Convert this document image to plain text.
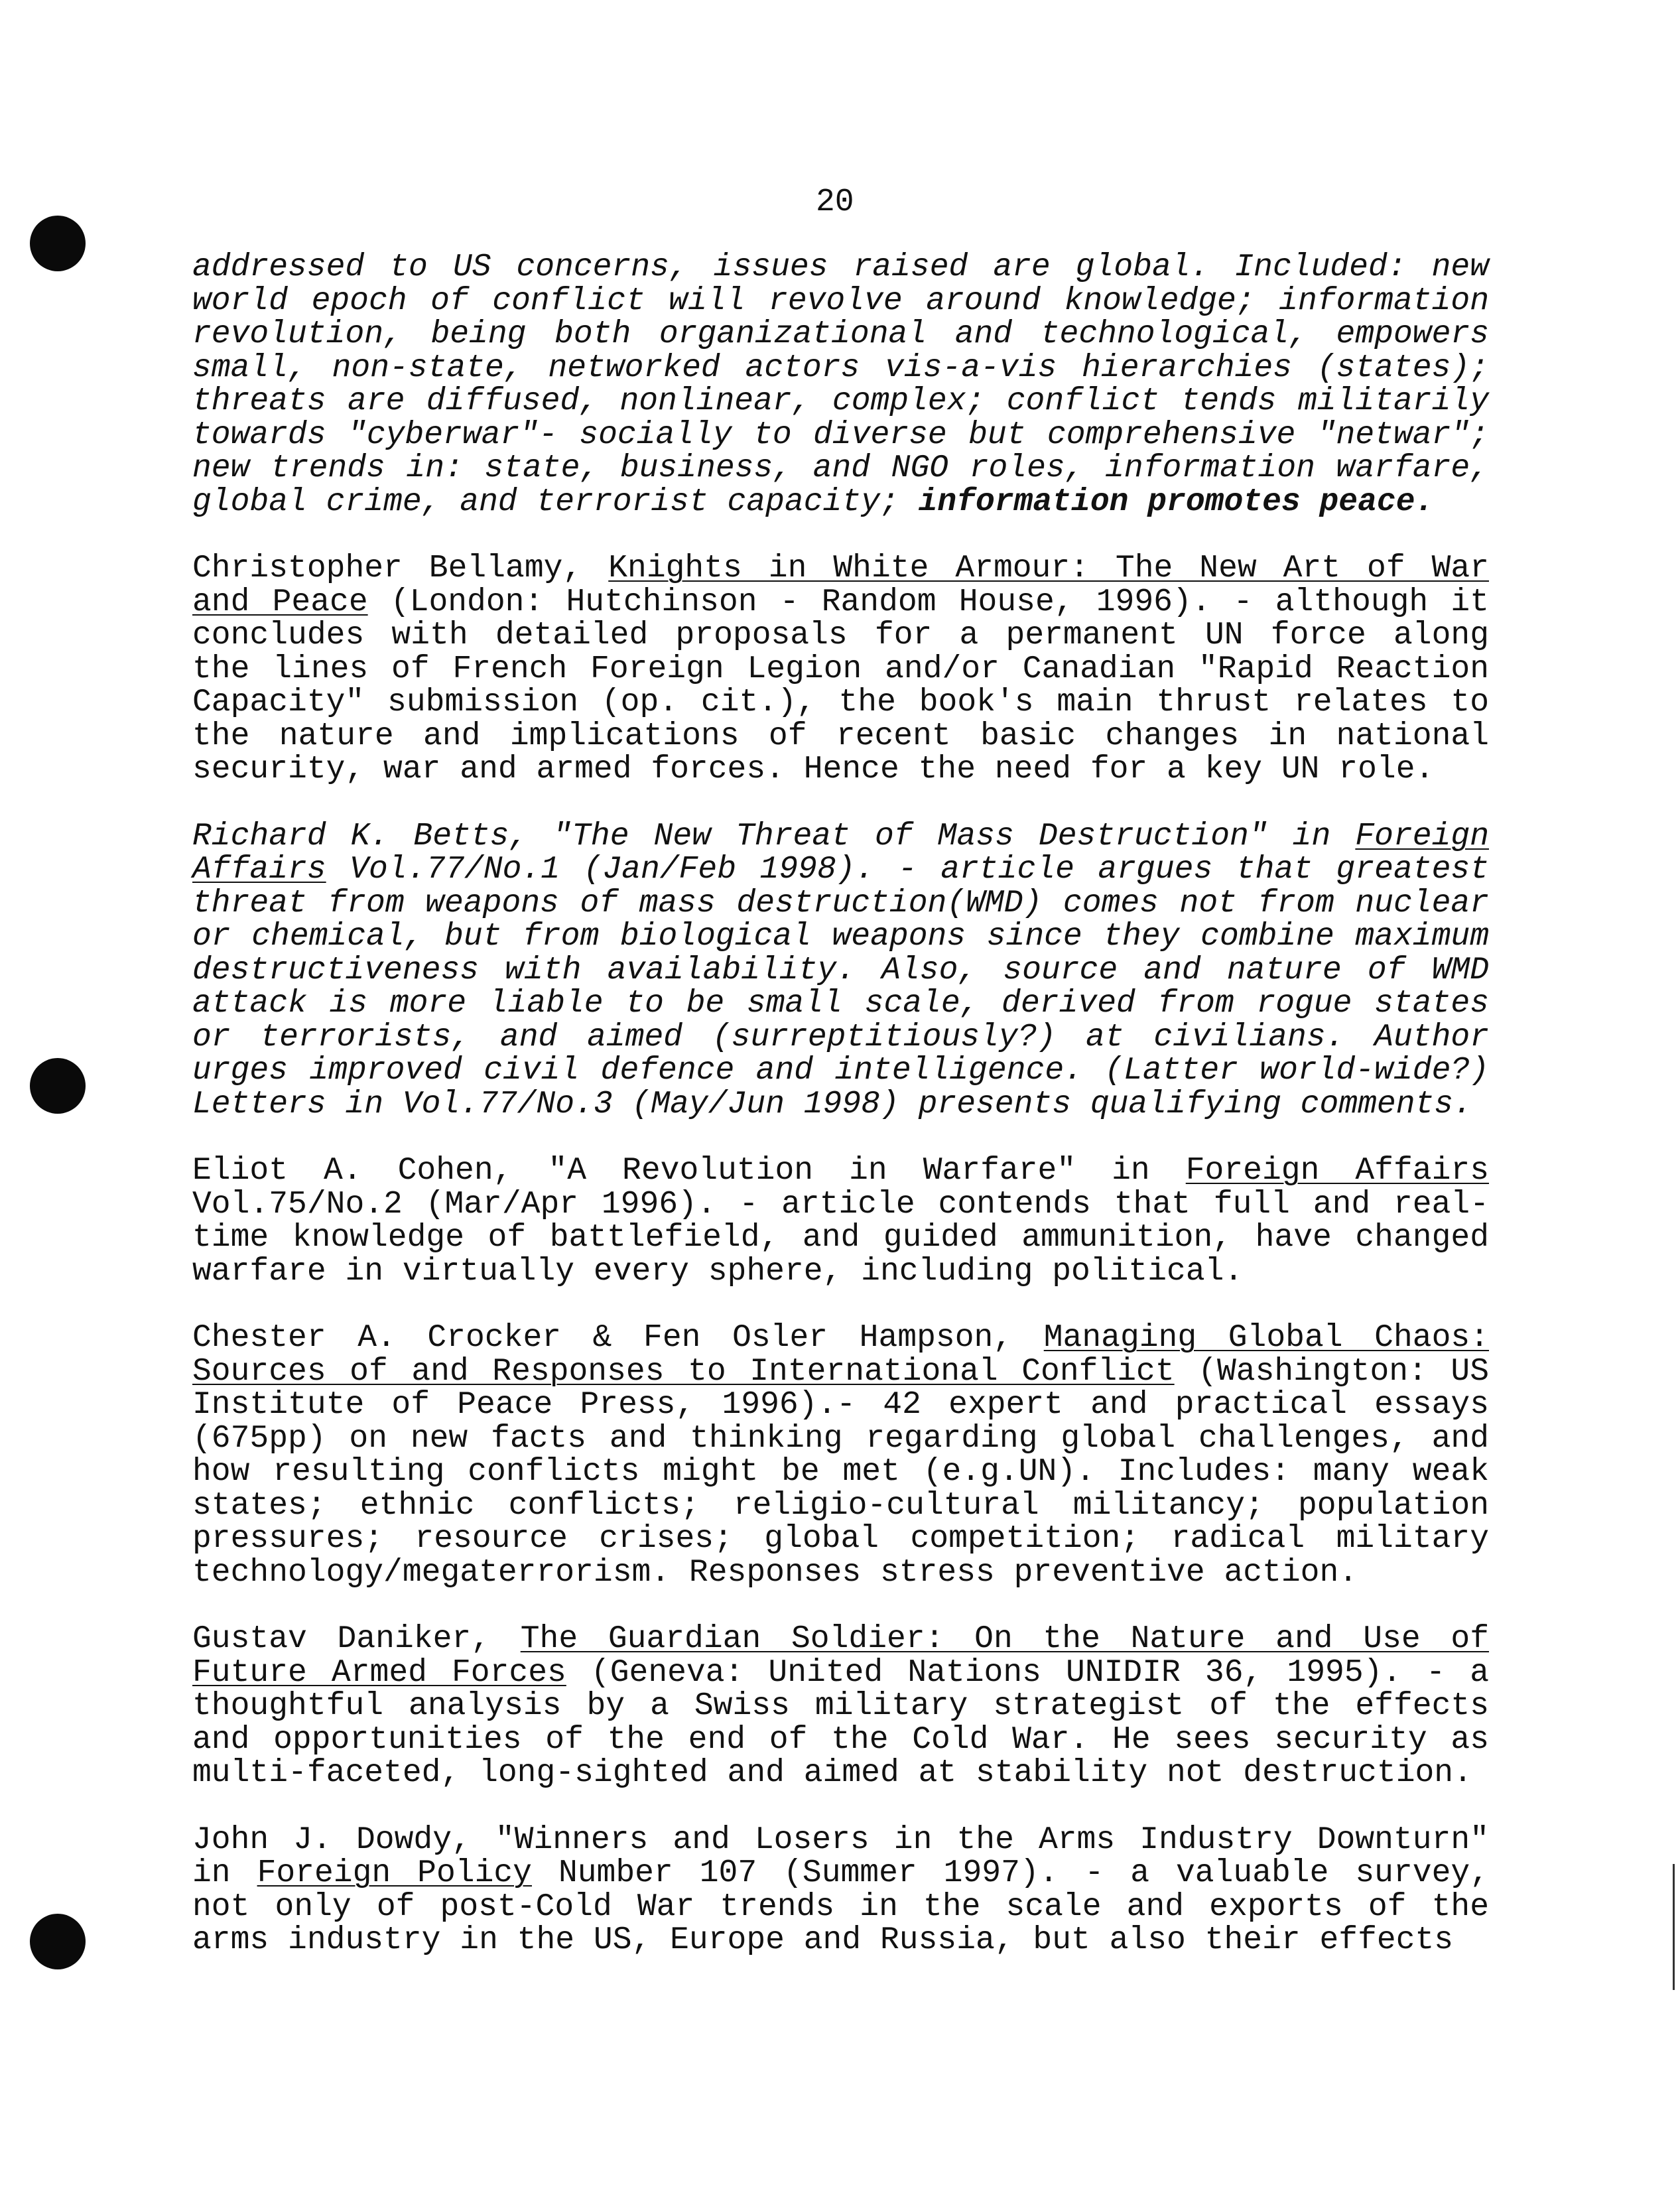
20

addressed to US concerns, issues raised are global. Included: new world epoch of conflict will revolve around knowledge; information revolution, being both organizational and technological, empowers small, non-state, networked actors vis-a-vis hierarchies (states); threats are diffused, nonlinear, complex; conflict tends militarily towards "cyberwar"- socially to diverse but comprehensive "netwar"; new trends in: state, business, and NGO roles, information warfare, global crime, and terrorist capacity; information promotes peace.

Christopher Bellamy, Knights in White Armour: The New Art of War and Peace (London: Hutchinson - Random House, 1996). - although it concludes with detailed proposals for a permanent UN force along the lines of French Foreign Legion and/or Canadian "Rapid Reaction Capacity" submission (op. cit.), the book's main thrust relates to the nature and implications of recent basic changes in national security, war and armed forces. Hence the need for a key UN role.

Richard K. Betts, "The New Threat of Mass Destruction" in Foreign Affairs Vol.77/No.1 (Jan/Feb 1998). - article argues that greatest threat from weapons of mass destruction(WMD) comes not from nuclear or chemical, but from biological weapons since they combine maximum destructiveness with availability. Also, source and nature of WMD attack is more liable to be small scale, derived from rogue states or terrorists, and aimed (surreptitiously?) at civilians. Author urges improved civil defence and intelligence. (Latter world-wide?) Letters in Vol.77/No.3 (May/Jun 1998) presents qualifying comments.

Eliot A. Cohen, "A Revolution in Warfare" in Foreign Affairs Vol.75/No.2 (Mar/Apr 1996). - article contends that full and real-time knowledge of battlefield, and guided ammunition, have changed warfare in virtually every sphere, including political.

Chester A. Crocker & Fen Osler Hampson, Managing Global Chaos: Sources of and Responses to International Conflict (Washington: US Institute of Peace Press, 1996).- 42 expert and practical essays (675pp) on new facts and thinking regarding global challenges, and how resulting conflicts might be met (e.g.UN). Includes: many weak states; ethnic conflicts; religio-cultural militancy; population pressures; resource crises; global competition; radical military technology/megaterrorism. Responses stress preventive action.

Gustav Daniker, The Guardian Soldier: On the Nature and Use of Future Armed Forces (Geneva: United Nations UNIDIR 36, 1995). - a thoughtful analysis by a Swiss military strategist of the effects and opportunities of the end of the Cold War. He sees security as multi-faceted, long-sighted and aimed at stability not destruction.

John J. Dowdy, "Winners and Losers in the Arms Industry Downturn" in Foreign Policy Number 107 (Summer 1997). - a valuable survey, not only of post-Cold War trends in the scale and exports of the arms industry in the US, Europe and Russia, but also their effects
